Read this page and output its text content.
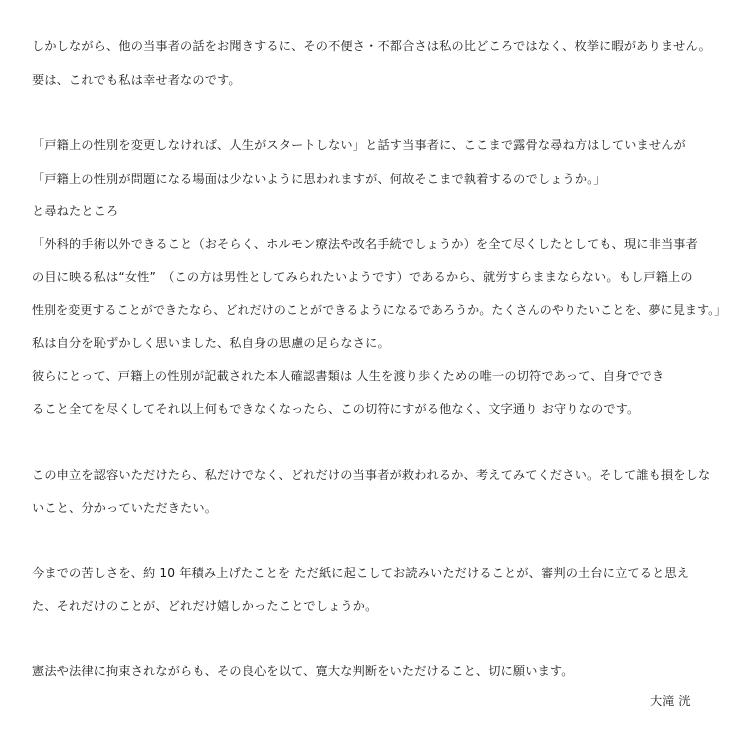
しかしながら、他の当事者の話をお聞きするに、その不便さ・不都合さは私の比どころではなく、枚挙に暇がありません。
要は、これでも私は幸せ者なのです。
「戸籍上の性別を変更しなければ、人生がスタートしない」と話す当事者に、ここまで露骨な尋ね方はしていませんが
「戸籍上の性別が問題になる場面は少ないように思われますが、何故そこまで執着するのでしょうか。」
と尋ねたところ
「外科的手術以外できること（おそらく、ホルモン療法や改名手続でしょうか）を全て尽くしたとしても、現に非当事者
の目に映る私は“女性”　（この方は男性としてみられたいようです）であるから、就労すらままならない。もし戸籍上の
性別を変更することができたなら、どれだけのことができるようになるであろうか。たくさんのやりたいことを、夢に見ます。」
私は自分を恥ずかしく思いました、私自身の思慮の足らなさに。
彼らにとって、戸籍上の性別が記載された本人確認書類は 人生を渡り歩くための唯一の切符であって、自身ででき
ること全てを尽くしてそれ以上何もできなくなったら、この切符にすがる他なく、文字通り お守りなのです。
この申立を認容いただけたら、私だけでなく、どれだけの当事者が救われるか、考えてみてください。そして誰も損をしな
いこと、分かっていただきたい。
今までの苦しさを、約 10 年積み上げたことを ただ紙に起こしてお読みいただけることが、審判の土台に立てると思え
た、それだけのことが、どれだけ嬉しかったことでしょうか。
憲法や法律に拘束されながらも、その良心を以て、寛大な判断をいただけること、切に願います。
大滝 洸
